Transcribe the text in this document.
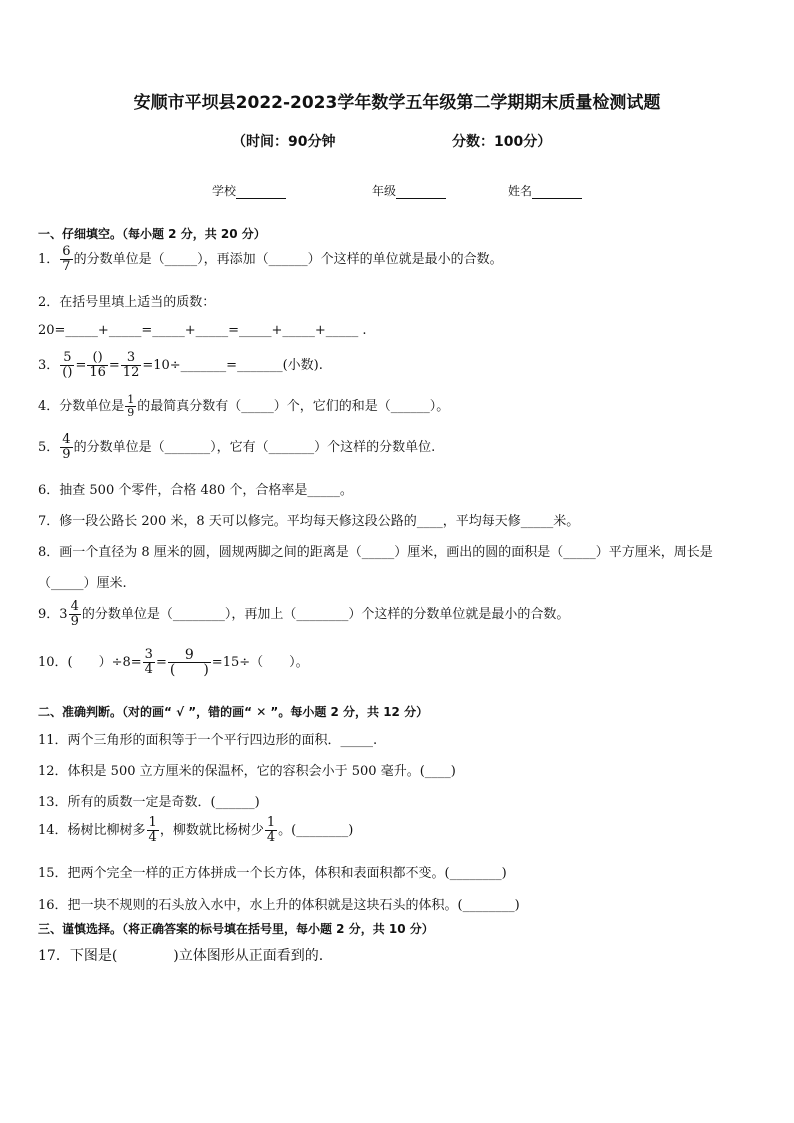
安顺市平坝县2022-2023学年数学五年级第二学期期末质量检测试题
（时间：90分钟	分数：100分）
学校	年级	姓名
一、仔细填空。（每小题 2 分，共 20 分）
1． $\frac{6}{7}$ 的分数单位是（_____），再添加（______）个这样的单位就是最小的合数。
2．在括号里填上适当的质数：
20=_____+_____=_____+_____=_____+_____+_____ .
3． $\frac{5}{()} = \frac{()}{16} = \frac{3}{12}$ =10÷_______=_______(小数).
4．分数单位是 $\frac{1}{9}$ 的最简真分数有（_____）个，它们的和是（______）。
5． $\frac{4}{9}$ 的分数单位是（_______），它有（_______）个这样的分数单位.
6．抽查 500 个零件，合格 480 个，合格率是_____。
7．修一段公路长 200 米，8 天可以修完。平均每天修这段公路的____，平均每天修_____米。
8．画一个直径为 8 厘米的圆，圆规两脚之间的距离是（_____）厘米，画出的圆的面积是（_____）平方厘米，周长是
（_____）厘米.
9．$3 \frac{4}{9}$ 的分数单位是（________），再加上（________）个这样的分数单位就是最小的合数。
10．(　　）$\div 8= \frac{3}{4} = \frac{9}{( )} =15\div$（　　）。
二、准确判断。（对的画“ √ ”，错的画“ ✕ ”。每小题 2 分，共 12 分）
11．两个三角形的面积等于一个平行四边形的面积．_____.
12．体积是 500 立方厘米的保温杯，它的容积会小于 500 毫升。(____)
13．所有的质数一定是奇数．(______)
14．杨树比柳树多 $\frac{1}{4}$ ，柳数就比杨树少 $\frac{1}{4}$ 。(________)
15．把两个完全一样的正方体拼成一个长方体，体积和表面积都不变。(________)
16．把一块不规则的石头放入水中，水上升的体积就是这块石头的体积。(________)
三、谨慎选择。（将正确答案的标号填在括号里，每小题 2 分，共 10 分）
17．下图是(　　　　)立体图形从正面看到的.
